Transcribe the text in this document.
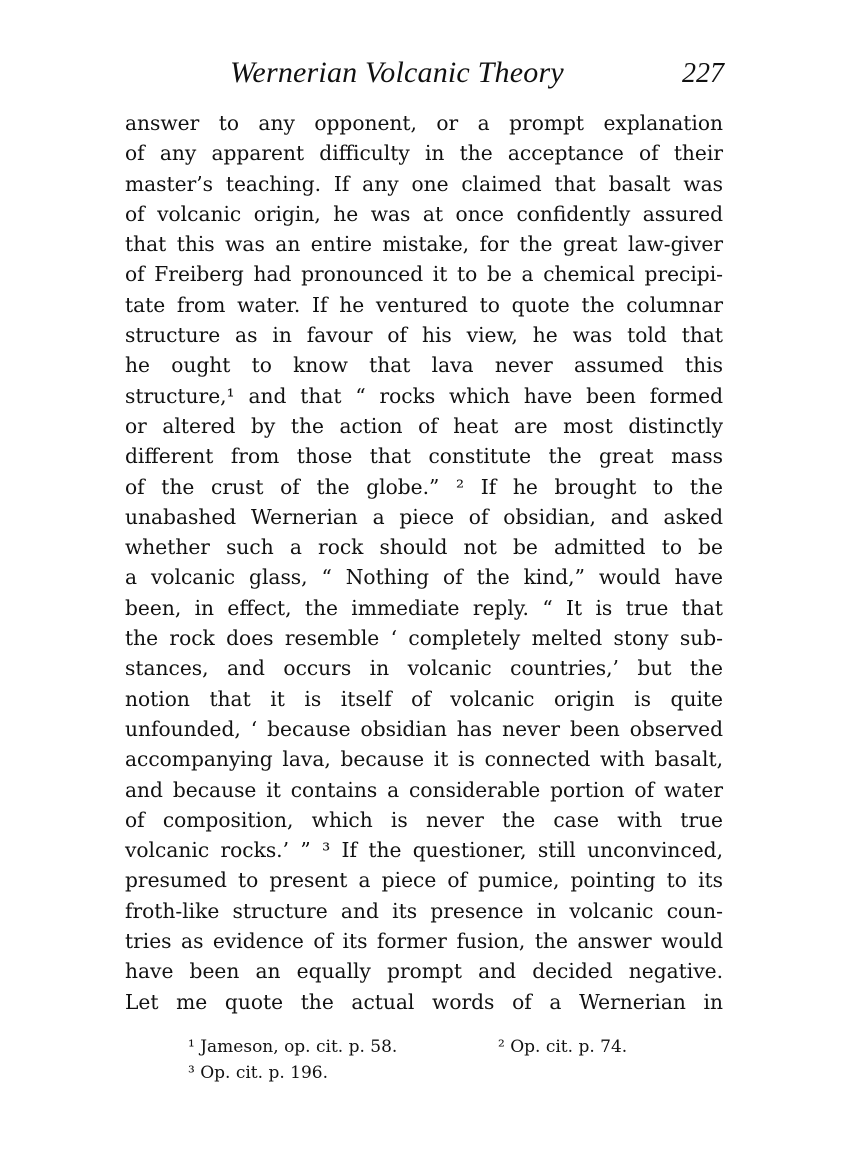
Wernerian Volcanic Theory	227
answer to any opponent, or a prompt explanation
of any apparent difficulty in the acceptance of their
master’s teaching. If any one claimed that basalt was
of volcanic origin, he was at once confidently assured
that this was an entire mistake, for the great law-giver
of Freiberg had pronounced it to be a chemical precipi-
tate from water. If he ventured to quote the columnar
structure as in favour of his view, he was told that
he ought to know that lava never assumed this
structure,¹ and that “ rocks which have been formed
or altered by the action of heat are most distinctly
different from those that constitute the great mass
of the crust of the globe.” ² If he brought to the
unabashed Wernerian a piece of obsidian, and asked
whether such a rock should not be admitted to be
a volcanic glass, “ Nothing of the kind,” would have
been, in effect, the immediate reply. “ It is true that
the rock does resemble ‘ completely melted stony sub-
stances, and occurs in volcanic countries,’ but the
notion that it is itself of volcanic origin is quite
unfounded, ‘ because obsidian has never been observed
accompanying lava, because it is connected with basalt,
and because it contains a considerable portion of water
of composition, which is never the case with true
volcanic rocks.’ ” ³ If the questioner, still unconvinced,
presumed to present a piece of pumice, pointing to its
froth-like structure and its presence in volcanic coun-
tries as evidence of its former fusion, the answer would
have been an equally prompt and decided negative.
Let me quote the actual words of a Wernerian in
¹ Jameson, op. cit. p. 58.	² Op. cit. p. 74.
³ Op. cit. p. 196.
